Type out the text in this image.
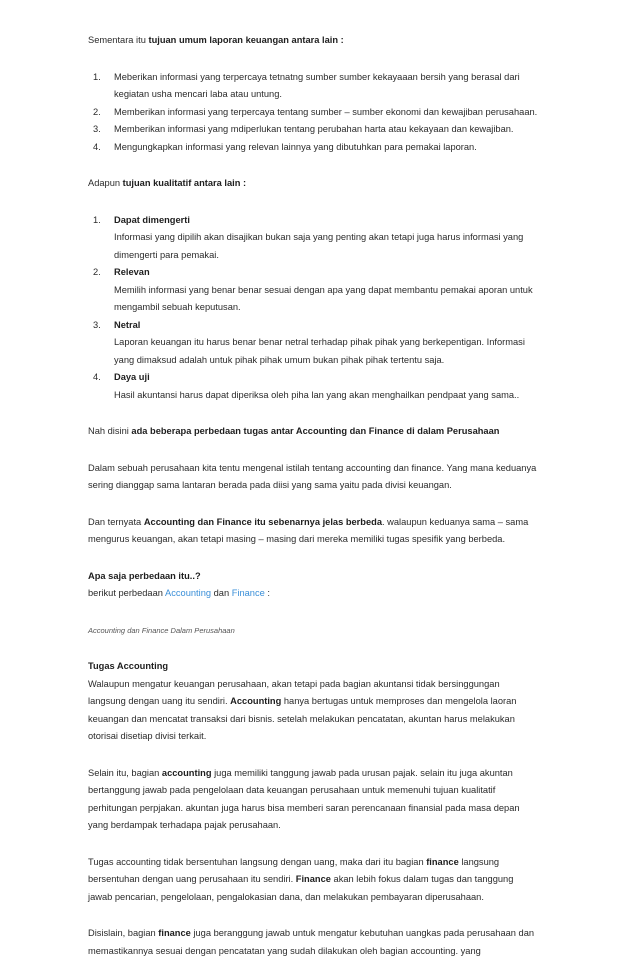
Sementara itu tujuan umum laporan keuangan antara lain :

1. Meberikan informasi yang terpercaya tetnatng sumber sumber kekayaaan bersih yang berasal dari kegiatan usha mencari laba atau untung.
2. Memberikan informasi yang terpercaya tentang sumber – sumber ekonomi dan kewajiban perusahaan.
3. Memberikan informasi yang mdiperlukan tentang perubahan harta atau kekayaan dan kewajiban.
4. Mengungkapkan informasi yang relevan lainnya yang dibutuhkan para pemakai laporan.

Adapun tujuan kualitatif antara lain :

1. Dapat dimengerti
Informasi yang dipilih akan disajikan bukan saja yang penting akan tetapi juga harus informasi yang dimengerti para pemakai.
2. Relevan
Memilih informasi yang benar benar sesuai dengan apa yang dapat membantu pemakai aporan untuk mengambil sebuah keputusan.
3. Netral
Laporan keuangan itu harus benar benar netral terhadap pihak pihak yang berkepentigan. Informasi yang dimaksud adalah untuk pihak pihak umum bukan pihak pihak tertentu saja.
4. Daya uji
Hasil akuntansi harus dapat diperiksa oleh piha lan yang akan menghailkan pendpaat yang sama..

Nah disini ada beberapa perbedaan tugas antar Accounting dan Finance di dalam Perusahaan

Dalam sebuah perusahaan kita tentu mengenal istilah tentang accounting dan finance. Yang mana keduanya sering dianggap sama lantaran berada pada diisi yang sama yaitu pada divisi keuangan.

Dan ternyata Accounting dan Finance itu sebenarnya jelas berbeda. walaupun keduanya sama – sama mengurus keuangan, akan tetapi masing – masing dari mereka memiliki tugas spesifik yang berbeda.

Apa saja perbedaan itu..?
berikut perbedaan Accounting dan Finance :

Accounting dan Finance Dalam Perusahaan

Tugas Accounting
Walaupun mengatur keuangan perusahaan, akan tetapi pada bagian akuntansi tidak bersinggungan langsung dengan uang itu sendiri. Accounting hanya bertugas untuk memproses dan mengelola laoran keuangan dan mencatat transaksi dari bisnis. setelah melakukan pencatatan, akuntan harus melakukan otorisai disetiap divisi terkait.

Selain itu, bagian accounting juga memiliki tanggung jawab pada urusan pajak. selain itu juga akuntan bertanggung jawab pada pengelolaan data keuangan perusahaan untuk memenuhi tujuan kualitatif perhitungan perpjakan. akuntan juga harus bisa memberi saran perencanaan finansial pada masa depan yang berdampak terhadapa pajak perusahaan.

Tugas accounting tidak bersentuhan langsung dengan uang, maka dari itu bagian finance langsung bersentuhan dengan uang perusahaan itu sendiri. Finance akan lebih fokus dalam tugas dan tanggung jawab pencarian, pengelolaan, pengalokasian dana, dan melakukan pembayaran diperusahaan.

Disislain, bagian finance juga beranggung jawab untuk mengatur kebutuhan uangkas pada perusahaan dan memastikannya sesuai dengan pencatatan yang sudah dilakukan oleh bagian accounting. yang
